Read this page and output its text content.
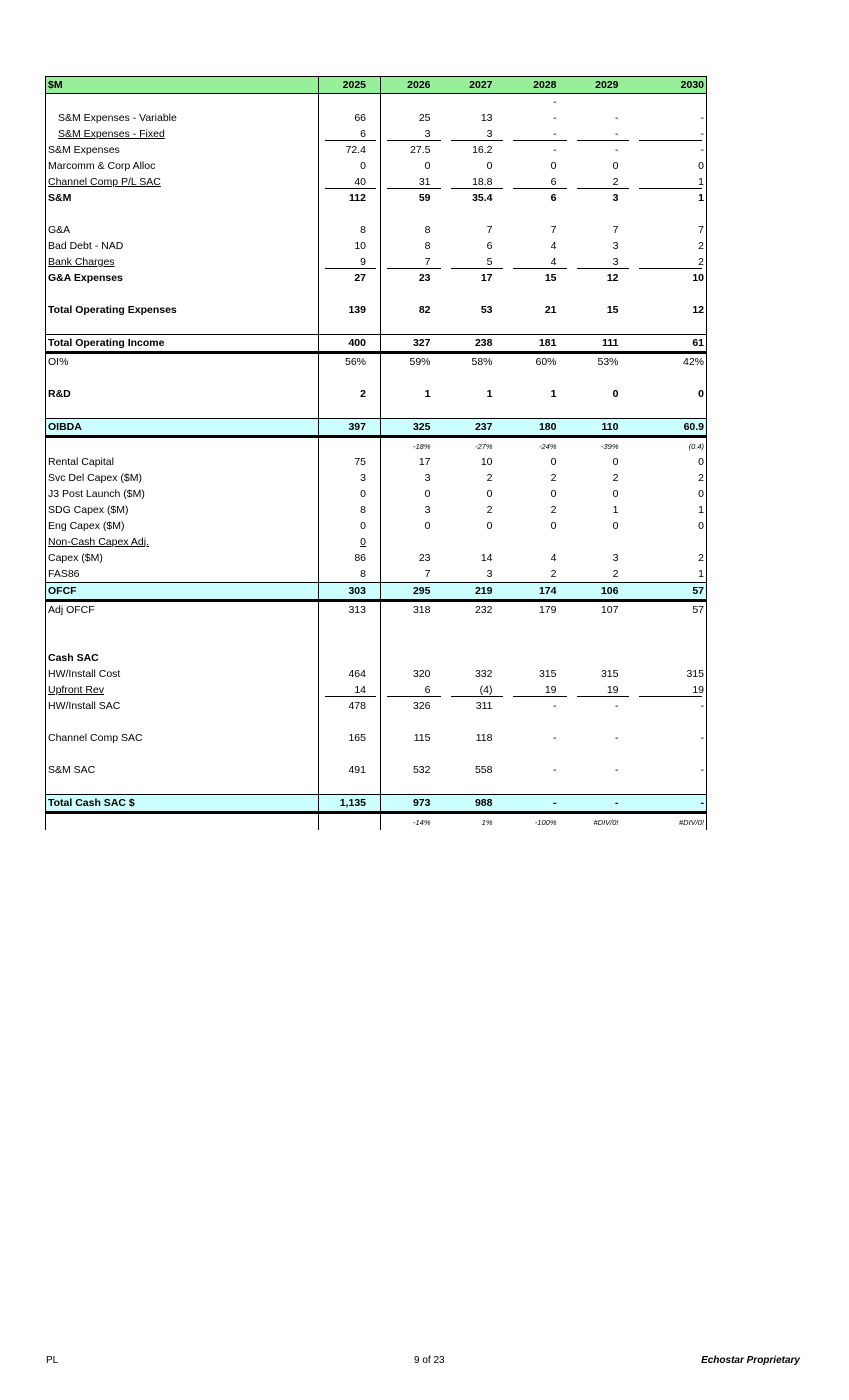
$M	2025	2026	2027	2028	2029	2030
				-		
S&M Expenses - Variable	66	25	13	-	-	-
S&M Expenses - Fixed	6	3	3	-	-	-
S&M Expenses	72.4	27.5	16.2	-	-	-
Marcomm & Corp Alloc	0	0	0	0	0	0
Channel Comp P/L SAC	40	31	18.8	6	2	1
S&M	112	59	35.4	6	3	1

G&A	8	8	7	7	7	7
Bad Debt - NAD	10	8	6	4	3	2
Bank Charges	9	7	5	4	3	2
G&A Expenses	27	23	17	15	12	10

Total Operating Expenses	139	82	53	21	15	12

Total Operating Income	400	327	238	181	111	61
OI%	56%	59%	58%	60%	53%	42%

R&D	2	1	1	1	0	0

OIBDA	397	325	237	180	110	60.9
		-18%	-27%	-24%	-39%	(0.4)
Rental Capital	75	17	10	0	0	0
Svc Del Capex ($M)	3	3	2	2	2	2
J3 Post Launch ($M)	0	0	0	0	0	0
SDG Capex ($M)	8	3	2	2	1	1
Eng Capex ($M)	0	0	0	0	0	0
Non-Cash Capex Adj.	0					
Capex ($M)	86	23	14	4	3	2
FAS86	8	7	3	2	2	1
OFCF	303	295	219	174	106	57
Adj OFCF	313	318	232	179	107	57

Cash SAC						
HW/Install Cost	464	320	332	315	315	315
Upfront Rev	14	6	(4)	19	19	19
HW/Install SAC	478	326	311	-	-	-

Channel Comp SAC	165	115	118	-	-	-

S&M SAC	491	532	558	-	-	-

Total Cash SAC $	1,135	973	988	-	-	-
		-14%	1%	-100%	#DIV/0!	#DIV/0!
PL	9 of 23	Echostar Proprietary
